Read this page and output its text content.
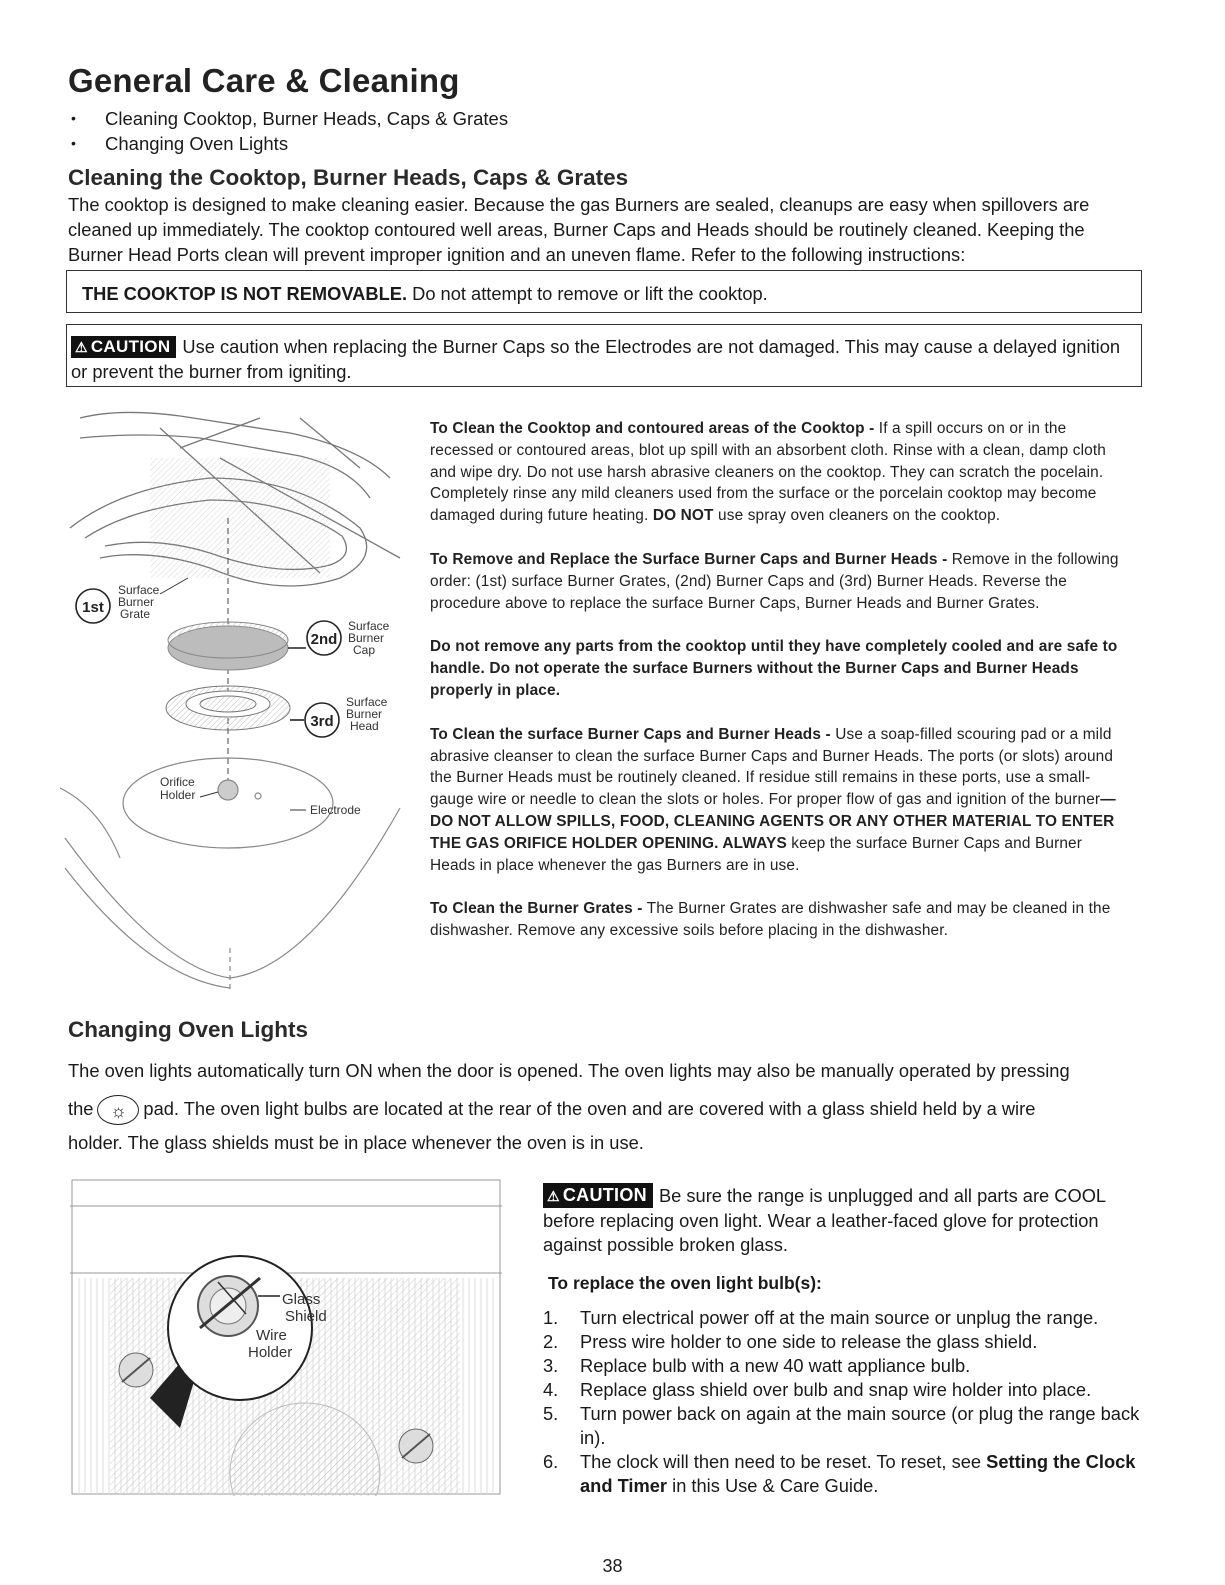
General Care & Cleaning
• Cleaning Cooktop, Burner Heads, Caps & Grates
• Changing Oven Lights
Cleaning the Cooktop, Burner Heads, Caps & Grates

The cooktop is designed to make cleaning easier. Because the gas Burners are sealed, cleanups are easy when spillovers are cleaned up immediately. The cooktop contoured well areas, Burner Caps and Heads should be routinely cleaned. Keeping the Burner Head Ports clean will prevent improper ignition and an uneven flame. Refer to the following instructions:

THE COOKTOP IS NOT REMOVABLE. Do not attempt to remove or lift the cooktop.
⚠ CAUTION Use caution when replacing the Burner Caps so the Electrodes are not damaged. This may cause a delayed ignition or prevent the burner from igniting.
1st
Surface
Burner
Grate
2nd
Surface
Burner
Cap
3rd
Surface
Burner
Head
Orifice
Holder
Electrode

To Clean the Cooktop and contoured areas of the Cooktop - If a spill occurs on or in the recessed or contoured areas, blot up spill with an absorbent cloth. Rinse with a clean, damp cloth and wipe dry. Do not use harsh abrasive cleaners on the cooktop. They can scratch the pocelain. Completely rinse any mild cleaners used from the surface or the porcelain cooktop may become damaged during future heating. DO NOT use spray oven cleaners on the cooktop.

To Remove and Replace the Surface Burner Caps and Burner Heads - Remove in the following order: (1st) surface Burner Grates, (2nd) Burner Caps and (3rd) Burner Heads. Reverse the procedure above to replace the surface Burner Caps, Burner Heads and Burner Grates.

Do not remove any parts from the cooktop until they have completely cooled and are safe to handle. Do not operate the surface Burners without the Burner Caps and Burner Heads properly in place.

To Clean the surface Burner Caps and Burner Heads - Use a soap-filled scouring pad or a mild abrasive cleanser to clean the surface Burner Caps and Burner Heads. The ports (or slots) around the Burner Heads must be routinely cleaned. If residue still remains in these ports, use a small-gauge wire or needle to clean the slots or holes. For proper flow of gas and ignition of the burner—DO NOT ALLOW SPILLS, FOOD, CLEANING AGENTS OR ANY OTHER MATERIAL TO ENTER THE GAS ORIFICE HOLDER OPENING. ALWAYS keep the surface Burner Caps and Burner Heads in place whenever the gas Burners are in use.

To Clean the Burner Grates - The Burner Grates are dishwasher safe and may be cleaned in the dishwasher. Remove any excessive soils before placing in the dishwasher.

Changing Oven Lights

The oven lights automatically turn ON when the door is opened. The oven lights may also be manually operated by pressing

the ☼ pad. The oven light bulbs are located at the rear of the oven and are covered with a glass shield held by a wire

holder. The glass shields must be in place whenever the oven is in use.

Glass
Shield
Wire
Holder
⚠ CAUTION Be sure the range is unplugged and all parts are COOL before replacing oven light. Wear a leather-faced glove for protection against possible broken glass.
To replace the oven light bulb(s):
1. Turn electrical power off at the main source or unplug the range.
2. Press wire holder to one side to release the glass shield.
3. Replace bulb with a new 40 watt appliance bulb.
4. Replace glass shield over bulb and snap wire holder into place.
5. Turn power back on again at the main source (or plug the range back in).
6. The clock will then need to be reset. To reset, see Setting the Clock and Timer in this Use & Care Guide.
38
